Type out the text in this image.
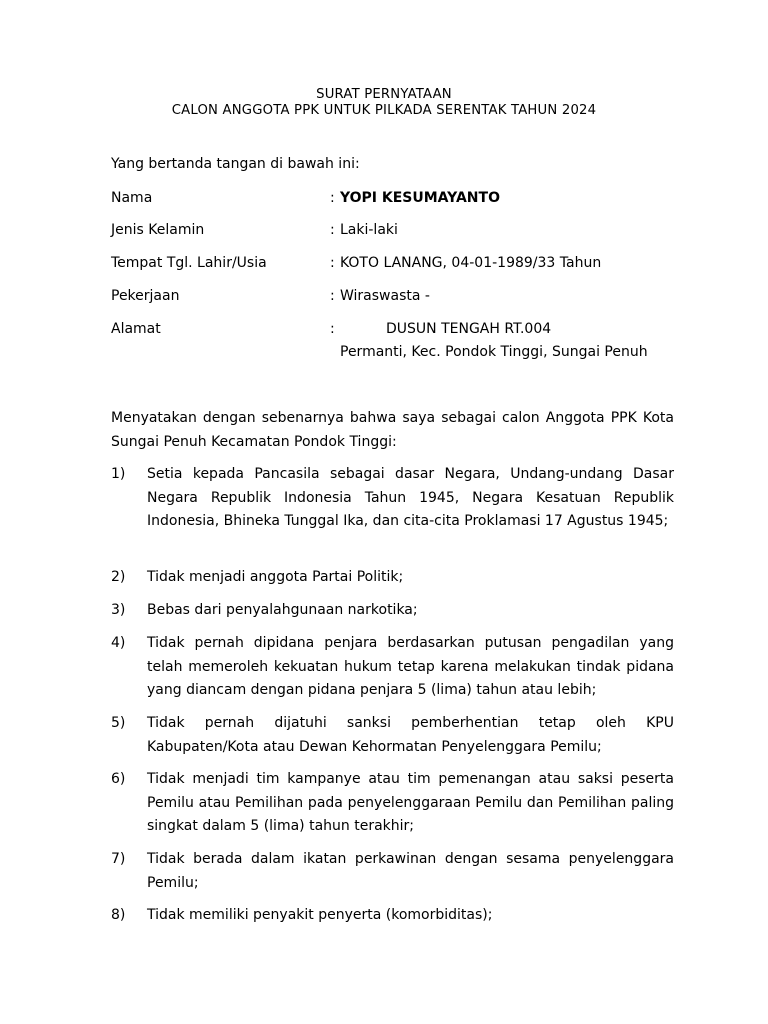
SURAT PERNYATAAN
CALON ANGGOTA PPK UNTUK PILKADA SERENTAK TAHUN 2024
Yang bertanda tangan di bawah ini:
Nama	: YOPI KESUMAYANTO
Jenis Kelamin	: Laki-laki
Tempat Tgl. Lahir/Usia	: KOTO LANANG, 04-01-1989/33 Tahun
Pekerjaan	: Wiraswasta -
Alamat	:	DUSUN TENGAH RT.004
Permanti, Kec. Pondok Tinggi, Sungai Penuh
Menyatakan dengan sebenarnya bahwa saya sebagai calon Anggota PPK Kota Sungai Penuh Kecamatan Pondok Tinggi:
1) Setia kepada Pancasila sebagai dasar Negara, Undang-undang Dasar Negara Republik Indonesia Tahun 1945, Negara Kesatuan Republik Indonesia, Bhineka Tunggal Ika, dan cita-cita Proklamasi 17 Agustus 1945;
2) Tidak menjadi anggota Partai Politik;
3) Bebas dari penyalahgunaan narkotika;
4) Tidak pernah dipidana penjara berdasarkan putusan pengadilan yang telah memeroleh kekuatan hukum tetap karena melakukan tindak pidana yang diancam dengan pidana penjara 5 (lima) tahun atau lebih;
5) Tidak pernah dijatuhi sanksi pemberhentian tetap oleh KPU Kabupaten/Kota atau Dewan Kehormatan Penyelenggara Pemilu;
6) Tidak menjadi tim kampanye atau tim pemenangan atau saksi peserta Pemilu atau Pemilihan pada penyelenggaraan Pemilu dan Pemilihan paling singkat dalam 5 (lima) tahun terakhir;
7) Tidak berada dalam ikatan perkawinan dengan sesama penyelenggara Pemilu;
8) Tidak memiliki penyakit penyerta (komorbiditas);
